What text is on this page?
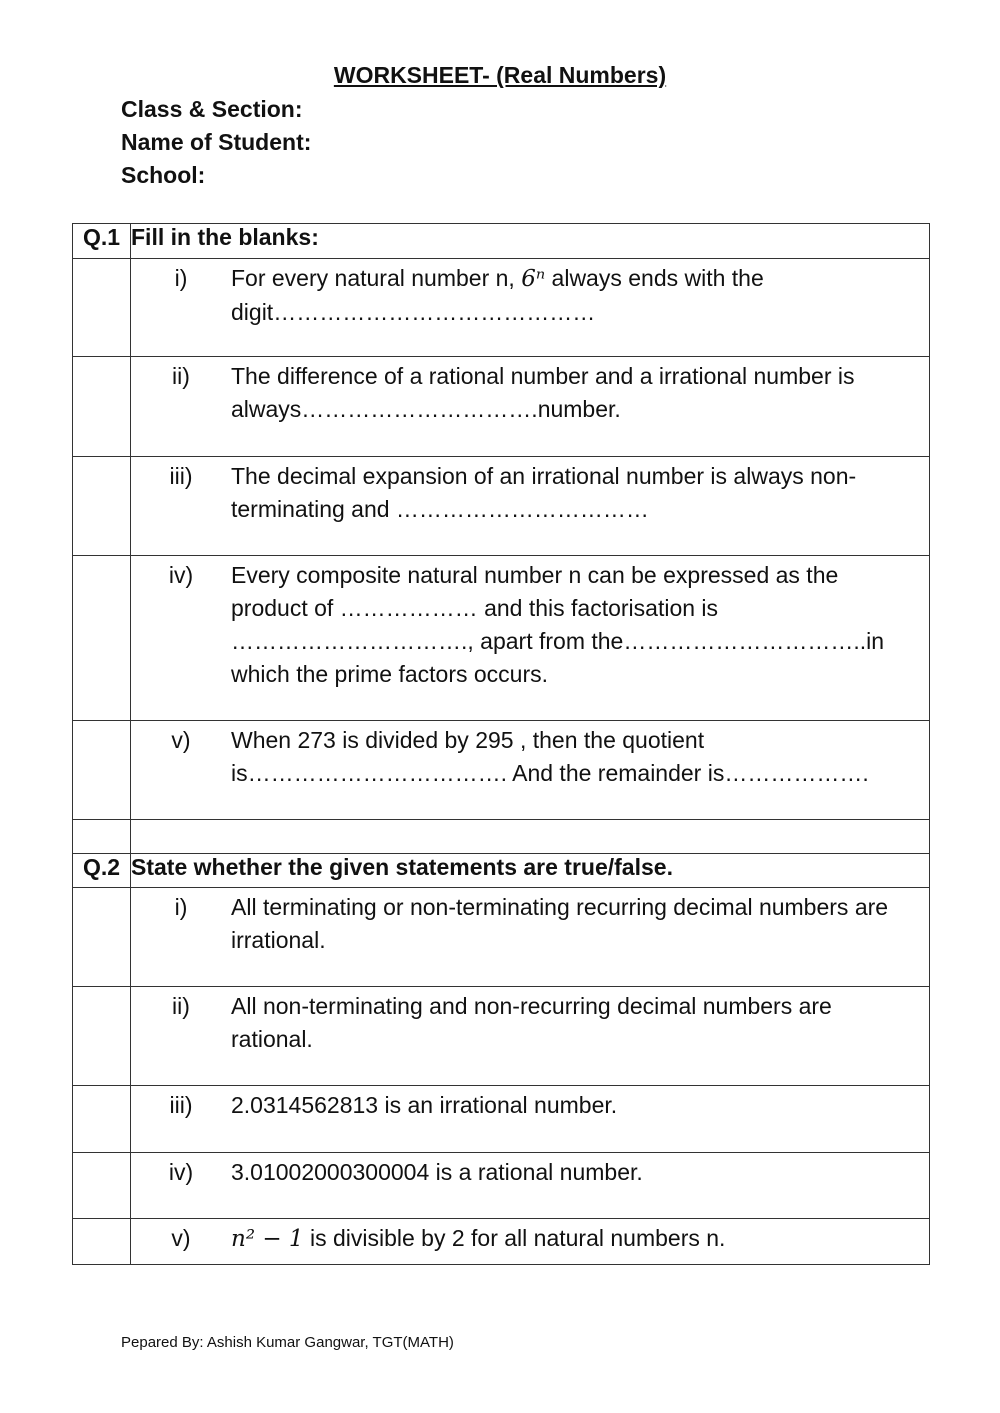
WORKSHEET- (Real Numbers)
Class & Section:
Name of Student:
School:
Q.1	Fill in the blanks:

	i) For every natural number n, 6ⁿ always ends with the digit……………………………………

	ii) The difference of a rational number and a irrational number is always………………………….number.

	iii) The decimal expansion of an irrational number is always non-terminating and ……………………………

	iv) Every composite natural number n can be expressed as the product of ……………… and this factorisation is …………………………., apart from the…………………………..in which the prime factors occurs.

	v) When 273 is divided by 295 , then the quotient is……………………………. And the remainder is……………….

Q.2	State whether the given statements are true/false.

	i) All terminating or non-terminating recurring decimal numbers are irrational.

	ii) All non-terminating and non-recurring decimal numbers are rational.

	iii) 2.0314562813 is an irrational number.

	iv) 3.01002000300004 is a rational number.

	v) n² − 1 is divisible by 2 for all natural numbers n.
Pepared By: Ashish Kumar Gangwar, TGT(MATH)
